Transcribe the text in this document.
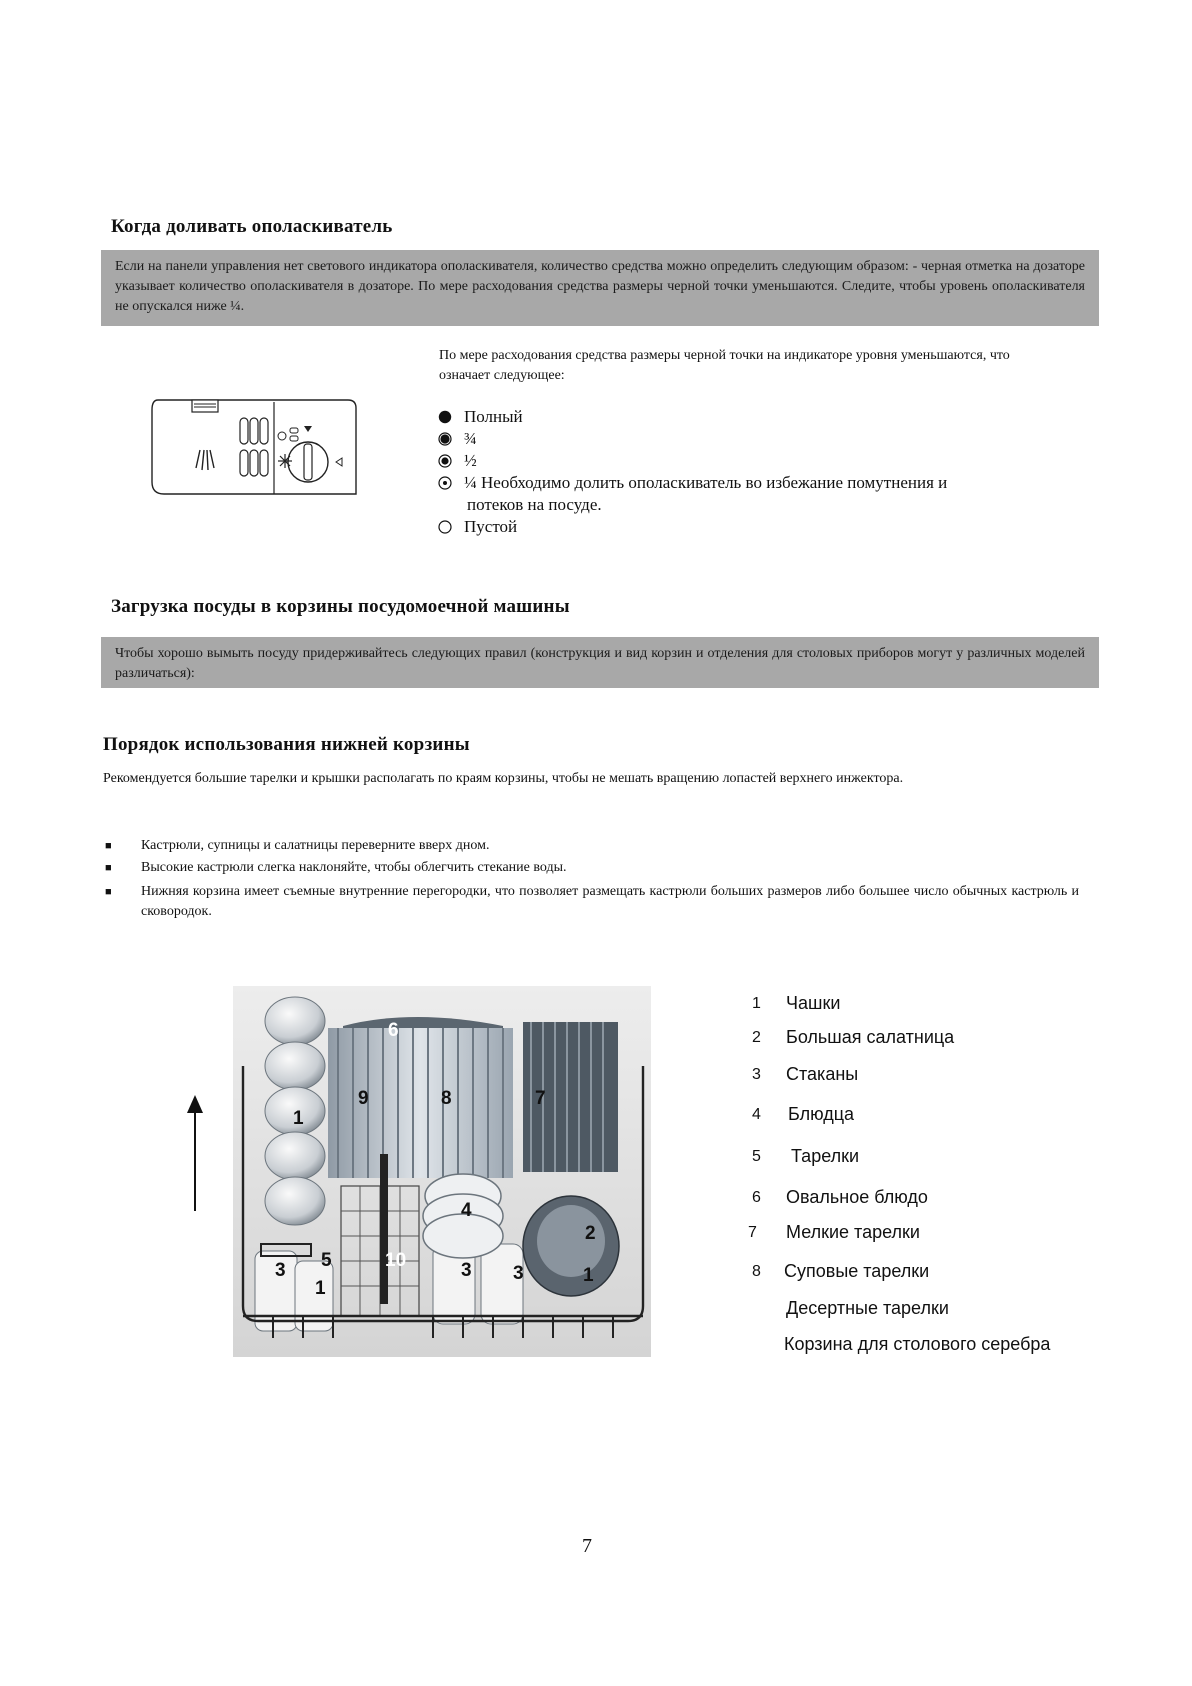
Когда доливать ополаскиватель
Если на панели управления нет светового индикатора ополаскивателя, количество средства можно определить следующим образом: - черная отметка на дозаторе указывает количество ополаскивателя в дозаторе. По мере расходования средства размеры черной точки уменьшаются. Следите, чтобы уровень ополаскивателя не опускался ниже ¼.
По мере расходования средства размеры черной точки на индикаторе уровня уменьшаются, что означает следующее:
Полный
¾
½
¼ Необходимо долить ополаскиватель во избежание помутнения и
потеков на посуде.
Пустой
Загрузка посуды в корзины посудомоечной машины
Чтобы хорошо вымыть посуду придерживайтесь следующих правил (конструкция и вид корзин и отделения для столовых приборов могут у различных моделей различаться):
Порядок использования нижней корзины
Рекомендуется большие тарелки и крышки располагать по краям корзины, чтобы не мешать вращению лопастей верхнего инжектора.
■	Кастрюли, супницы и салатницы переверните вверх дном.
■	Высокие кастрюли слегка наклоняйте, чтобы облегчить стекание воды.
■	Нижняя корзина имеет съемные внутренние перегородки, что позволяет размещать кастрюли больших размеров либо большее число обычных кастрюль и сковородок.
6
9	8	7
1
4
2
5	10
3	3 3	1
1
1	Чашки
2	Большая салатница
3	Стаканы
4	Блюдца
5	Тарелки
6	Овальное блюдо
7	Мелкие тарелки
8	Суповые тарелки
Десертные тарелки
Корзина для столового серебра
7
